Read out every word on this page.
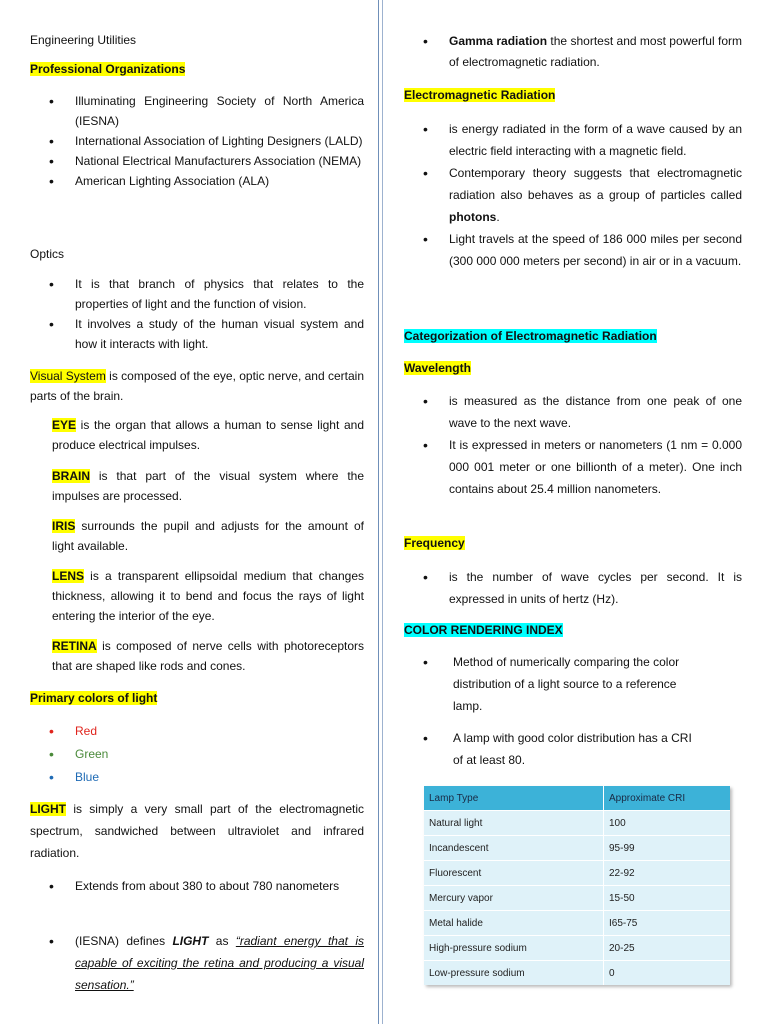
Engineering Utilities

Professional Organizations

• Illuminating Engineering Society of North America (IESNA)
• International Association of Lighting Designers (LALD)
• National Electrical Manufacturers Association (NEMA)
• American Lighting Association (ALA)

Optics

• It is that branch of physics that relates to the properties of light and the function of vision.
• It involves a study of the human visual system and how it interacts with light.

Visual System is composed of the eye, optic nerve, and certain parts of the brain.

EYE is the organ that allows a human to sense light and produce electrical impulses.

BRAIN is that part of the visual system where the impulses are processed.

IRIS surrounds the pupil and adjusts for the amount of light available.

LENS is a transparent ellipsoidal medium that changes thickness, allowing it to bend and focus the rays of light entering the interior of the eye.

RETINA is composed of nerve cells with photoreceptors that are shaped like rods and cones.

Primary colors of light

• Red
• Green
• Blue

LIGHT is simply a very small part of the electromagnetic spectrum, sandwiched between ultraviolet and infrared radiation.

• Extends from about 380 to about 780 nanometers
• (IESNA) defines LIGHT as “radiant energy that is capable of exciting the retina and producing a visual sensation.”
• Gamma radiation the shortest and most powerful form of electromagnetic radiation.

Electromagnetic Radiation

• is energy radiated in the form of a wave caused by an electric field interacting with a magnetic field.
• Contemporary theory suggests that electromagnetic radiation also behaves as a group of particles called photons.
• Light travels at the speed of 186 000 miles per second (300 000 000 meters per second) in air or in a vacuum.

Categorization of Electromagnetic Radiation

Wavelength

• is measured as the distance from one peak of one wave to the next wave.
• It is expressed in meters or nanometers (1 nm = 0.000 000 001 meter or one billionth of a meter). One inch contains about 25.4 million nanometers.

Frequency

• is the number of wave cycles per second. It is expressed in units of hertz (Hz).

COLOR RENDERING INDEX

• Method of numerically comparing the color distribution of a light source to a reference lamp.
• A lamp with good color distribution has a CRI of at least 80.
Lamp Type	Approximate CRI
Natural light	100
Incandescent	95-99
Fluorescent	22-92
Mercury vapor	15-50
Metal halide	I65-75
High-pressure sodium	20-25
Low-pressure sodium	0
